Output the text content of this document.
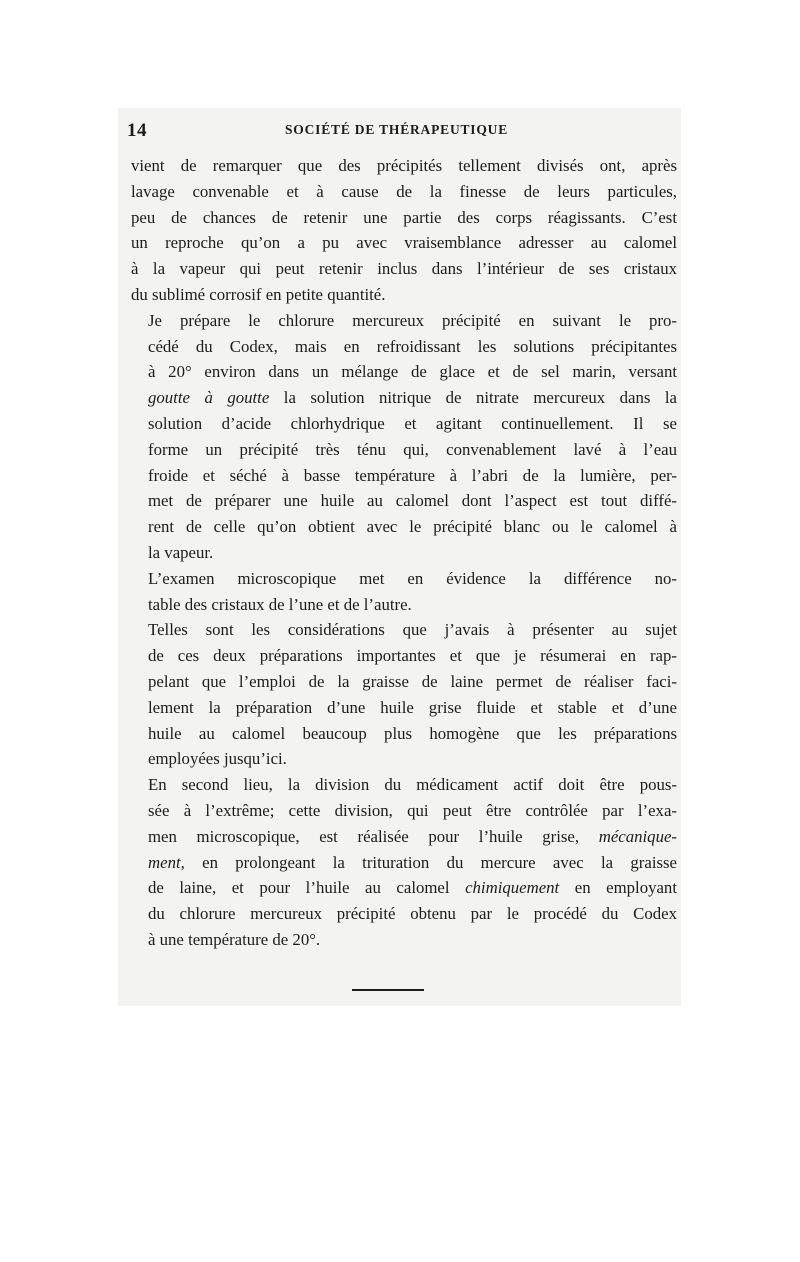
14	SOCIÉTÉ DE THÉRAPEUTIQUE

vient de remarquer que des précipités tellement divisés ont, après
lavage convenable et à cause de la finesse de leurs particules,
peu de chances de retenir une partie des corps réagissants. C’est
un reproche qu’on a pu avec vraisemblance adresser au calomel
à la vapeur qui peut retenir inclus dans l’intérieur de ses cristaux
du sublimé corrosif en petite quantité.

Je prépare le chlorure mercureux précipité en suivant le pro-
cédé du Codex, mais en refroidissant les solutions précipitantes
à 20° environ dans un mélange de glace et de sel marin, versant
goutte à goutte la solution nitrique de nitrate mercureux dans la
solution d’acide chlorhydrique et agitant continuellement. Il se
forme un précipité très ténu qui, convenablement lavé à l’eau
froide et séché à basse température à l’abri de la lumière, per-
met de préparer une huile au calomel dont l’aspect est tout diffé-
rent de celle qu’on obtient avec le précipité blanc ou le calomel à
la vapeur.

L’examen microscopique met en évidence la différence no-
table des cristaux de l’une et de l’autre.

Telles sont les considérations que j’avais à présenter au sujet
de ces deux préparations importantes et que je résumerai en rap-
pelant que l’emploi de la graisse de laine permet de réaliser faci-
lement la préparation d’une huile grise fluide et stable et d’une
huile au calomel beaucoup plus homogène que les préparations
employées jusqu’ici.

En second lieu, la division du médicament actif doit être pous-
sée à l’extrême; cette division, qui peut être contrôlée par l’exa-
men microscopique, est réalisée pour l’huile grise, mécanique-
ment, en prolongeant la trituration du mercure avec la graisse
de laine, et pour l’huile au calomel chimiquement en employant
du chlorure mercureux précipité obtenu par le procédé du Codex
à une température de 20°.
